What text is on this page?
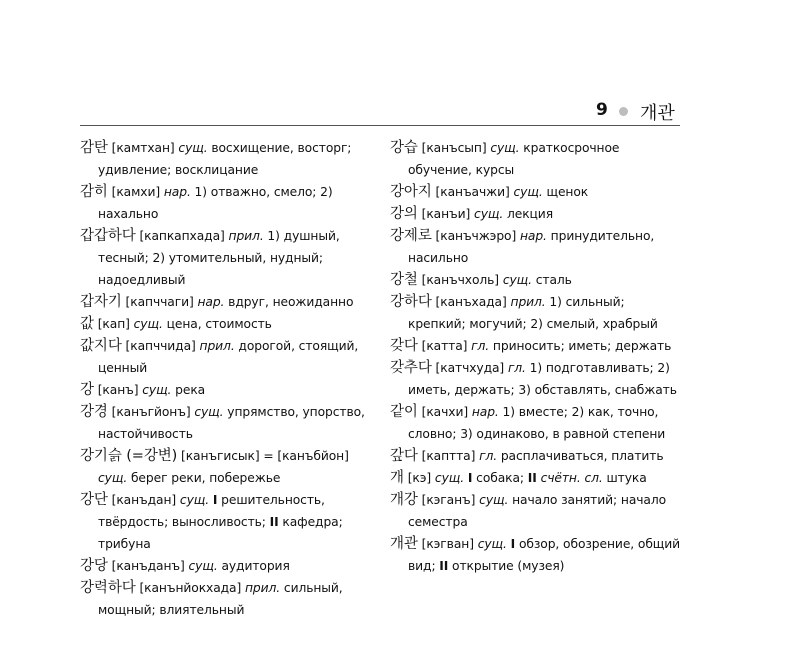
9 개관

감탄 [камтхан] сущ. восхищение, восторг; удивление; восклицание

감히 [камхи] нар. 1) отважно, смело; 2) нахально

갑갑하다 [капкапхада] прил. 1) душный, тесный; 2) утомительный, нудный; надоедливый

갑자기 [капччаги] нар. вдруг, неожиданно

값 [кап] сущ. цена, стоимость

값지다 [капччида] прил. дорогой, стоящий, ценный

강 [канъ] сущ. река

강경 [канъгйонъ] сущ. упрямство, упорство, настойчивость

강기슭 (=강변) [канъгисык] = [канъбйон] сущ. берег реки, побережье

강단 [канъдан] сущ. I решительность, твёрдость; выносливость; II кафедра; трибуна

강당 [канъданъ] сущ. аудитория

강력하다 [канънйокхада] прил. сильный, мощный; влиятельный

강습 [канъсып] сущ. краткосрочное обучение, курсы

강아지 [канъачжи] сущ. щенок

강의 [канъи] сущ. лекция

강제로 [канъчжэро] нар. принудительно, насильно

강철 [канъчхоль] сущ. сталь

강하다 [канъхада] прил. 1) сильный; крепкий; могучий; 2) смелый, храбрый

갖다 [катта] гл. приносить; иметь; держать

갖추다 [катчхуда] гл. 1) подготавливать; 2) иметь, держать; 3) обставлять, снабжать

같이 [качхи] нар. 1) вместе; 2) как, точно, словно; 3) одинаково, в равной степени

갚다 [каптта] гл. расплачиваться, платить

개 [кэ] сущ. I собака; II счётн. сл. штука

개강 [кэганъ] сущ. начало занятий; начало семестра

개관 [кэгван] сущ. I обзор, обозрение, общий вид; II открытие (музея)
